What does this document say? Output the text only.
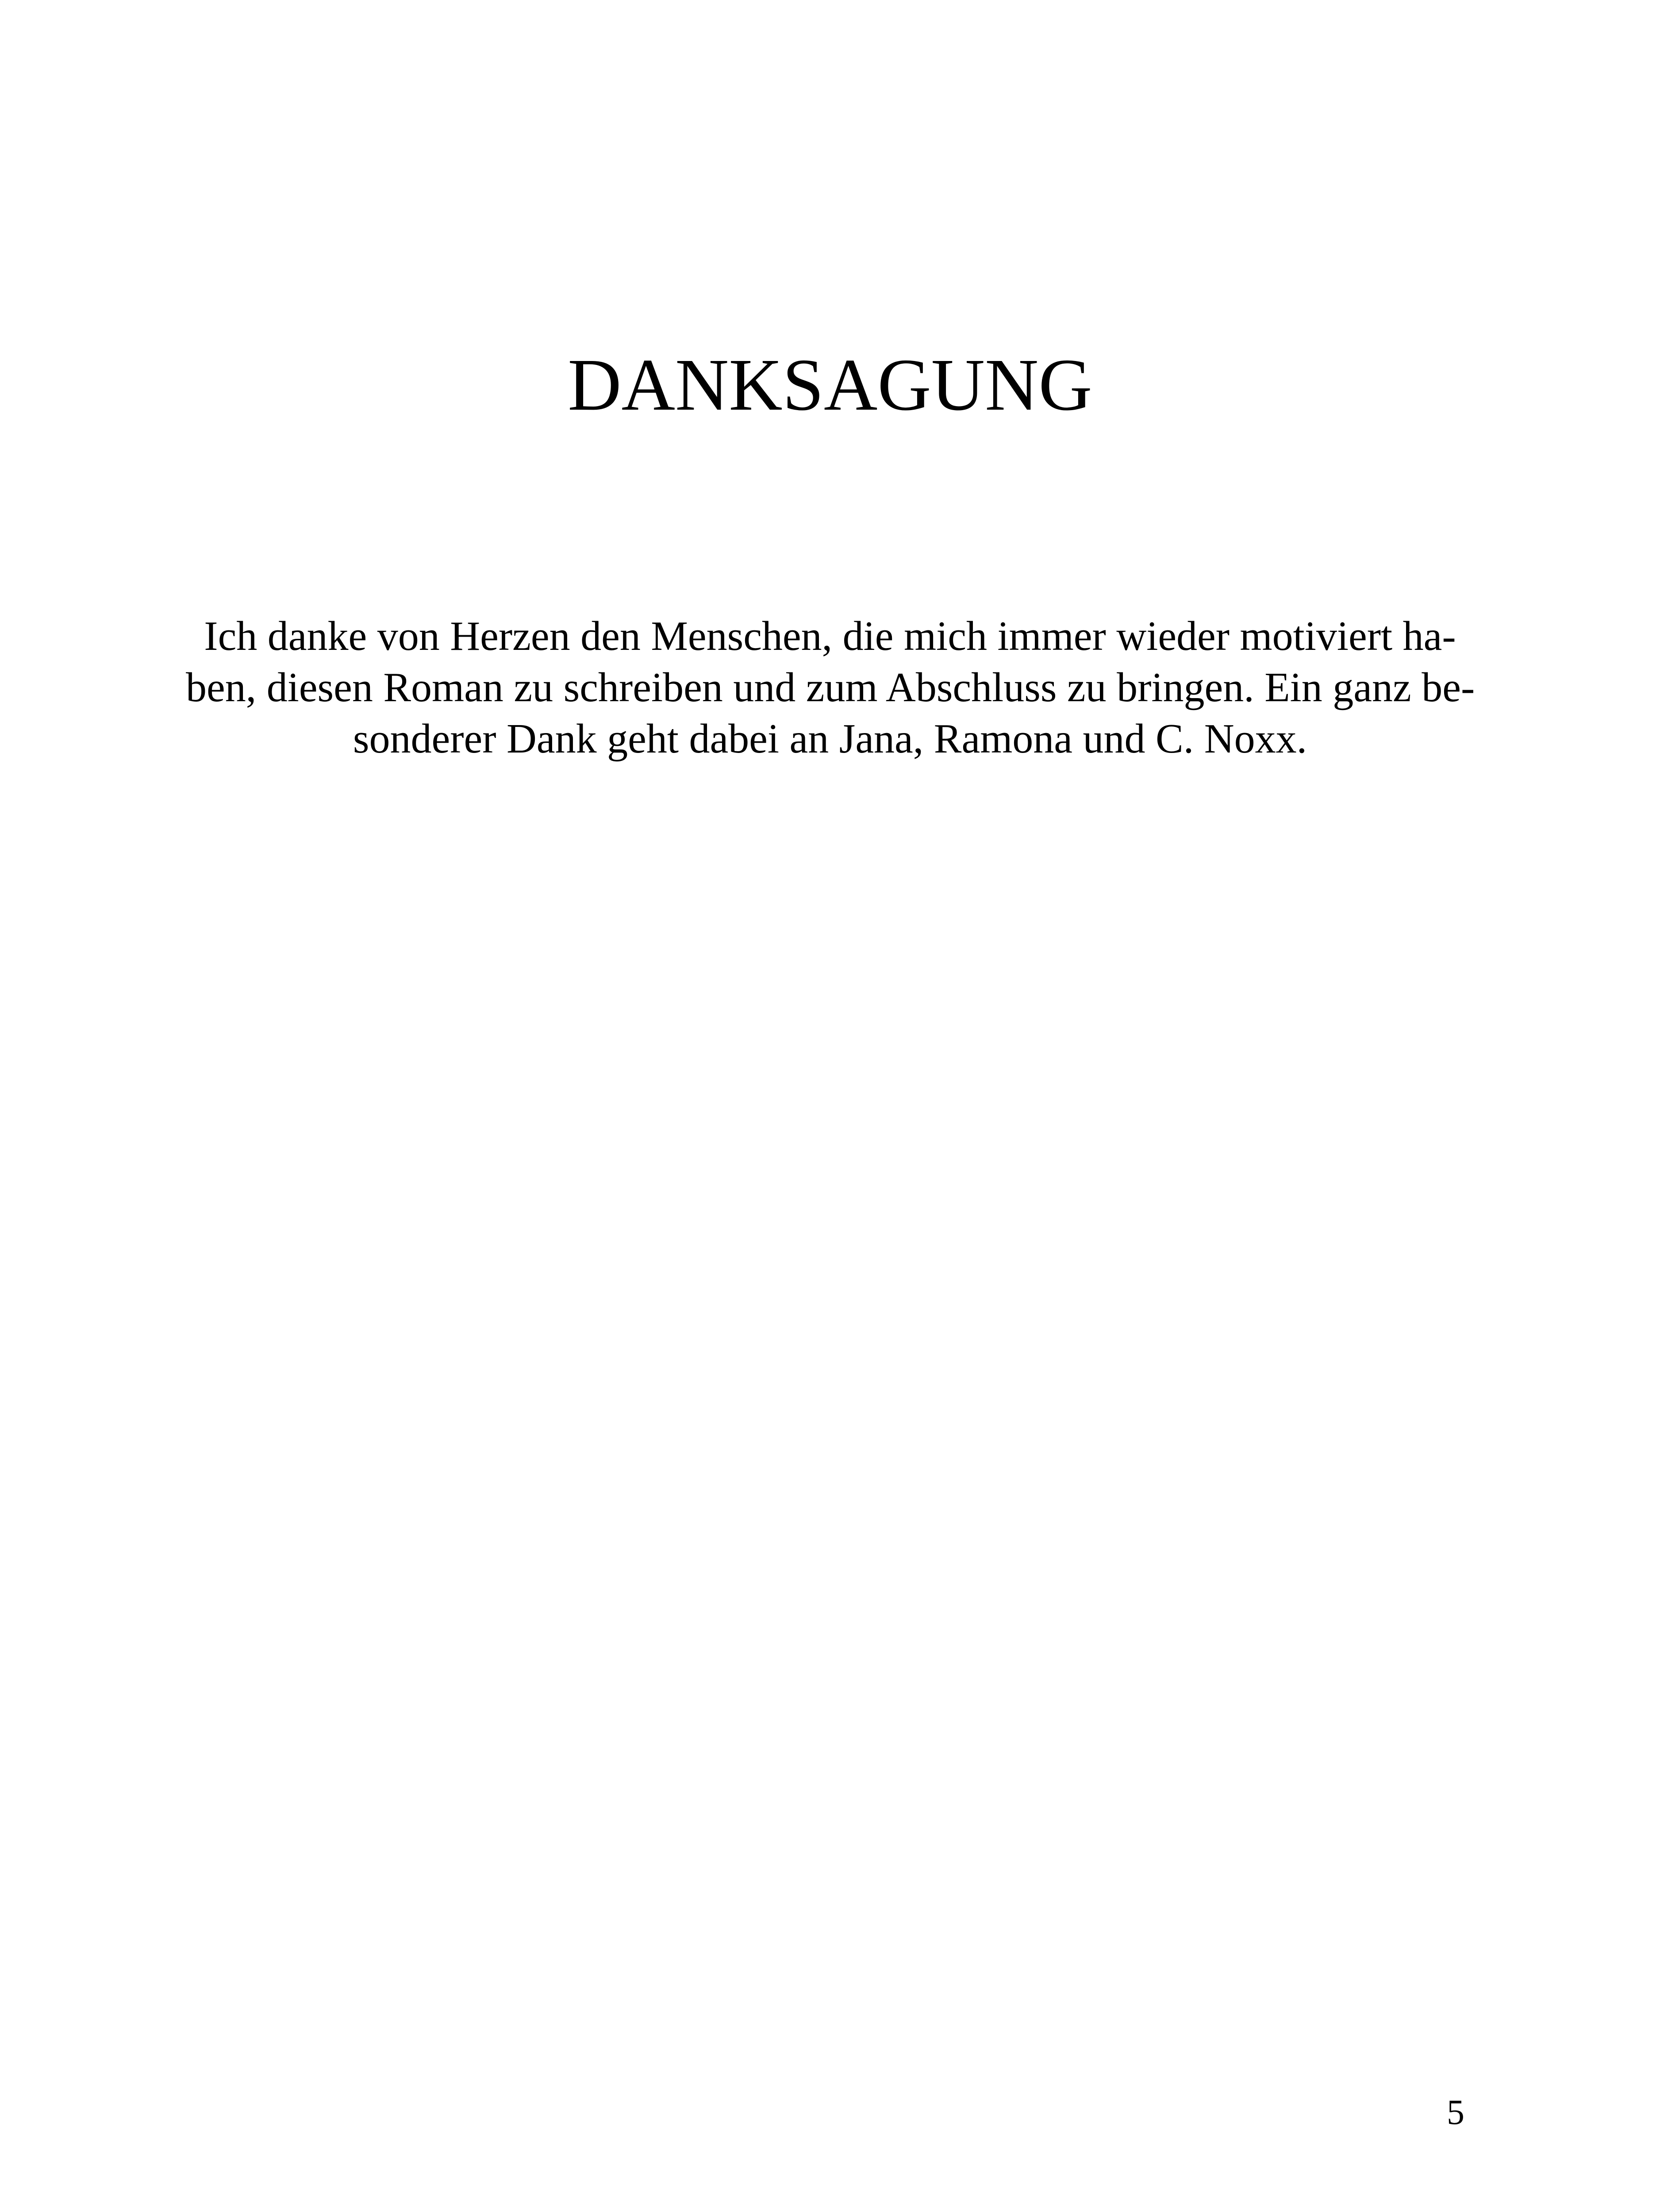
DANKSAGUNG

Ich danke von Herzen den Menschen, die mich immer wieder motiviert ha-
ben, diesen Roman zu schreiben und zum Abschluss zu bringen. Ein ganz be-
sonderer Dank geht dabei an Jana, Ramona und C. Noxx.

5
